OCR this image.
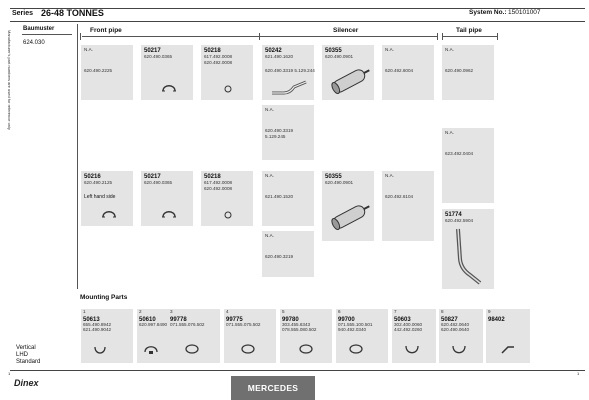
Series 26-48 TONNES	System No.: 150101007
Manufacturer's part numbers are used for reference only
Baumuster
624.030
Front pipe	Silencer	Tail pipe
N.A.
620.490.2225
50217
620.490.0365
50218
617.492.0008
620.492.0008
50242
621.490.1620
620.490.3319 5.129.244
50355
620.490.0901
N.A.
620.492.6004
N.A.
620.490.0962
N.A.
620.490.3319
5.129.245
N.A.
623.492.0404
50216
620.490.2125
Left hand side
50217
620.490.0365
50218
617.492.0008
620.492.0008
N.A.
621.490.1520
50355
620.490.0901
N.A.
620.492.6104
N.A.
620.490.3219
51774
620.492.5904
Mounting Parts
1
50613
655.490.8942
621.490.9042
2
50610
620.997.8490
3
99778
071.555.076.502
4
99775
071.555.075.502
5
99780
303.455.6343
078.555.080.502
6
99700
071.555.100.501
940.492.0340
7
50603
302.400.0060
442.492.0260
8
50827
620.482.0640
620.490.0640
9
98402
Vertical
LHD
Standard
1	1
Dinex	MERCEDES
